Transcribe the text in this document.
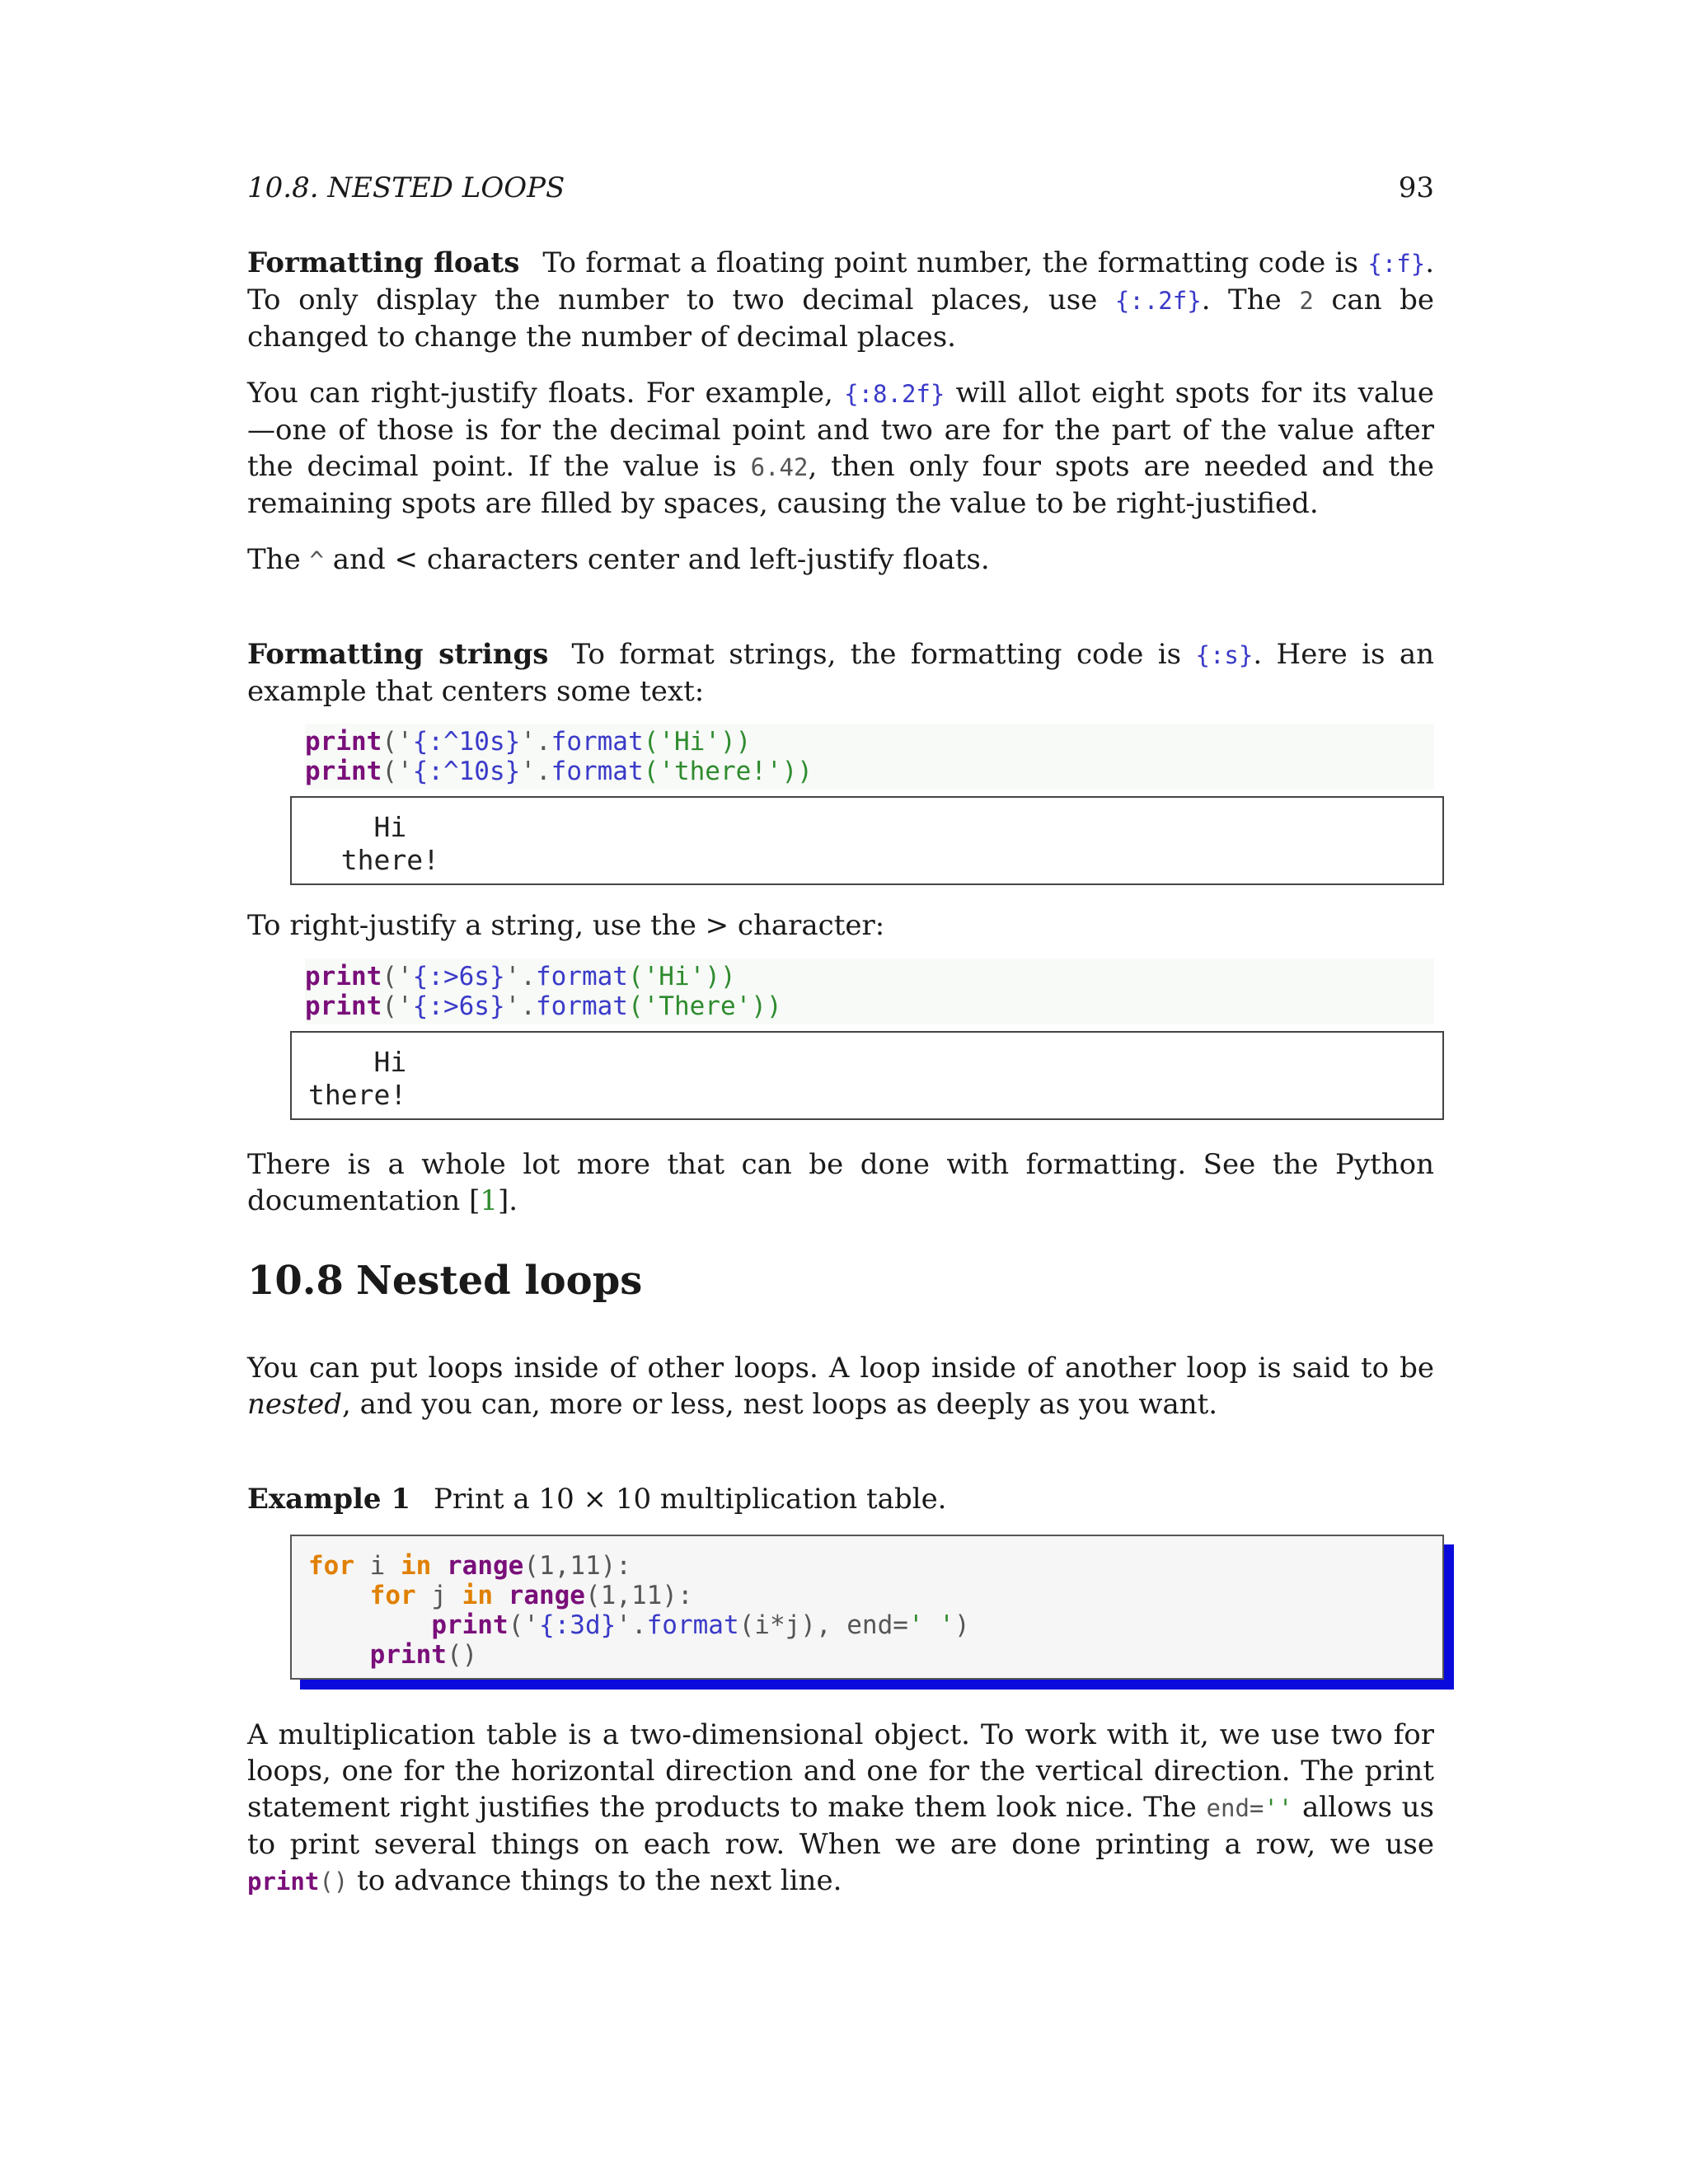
10.8. NESTED LOOPS	93

Formatting floats To format a floating point number, the formatting code is {:f}. To only display the number to two decimal places, use {:.2f}. The 2 can be changed to change the number of decimal places.

You can right-justify floats. For example, {:8.2f} will allot eight spots for its value—one of those is for the decimal point and two are for the part of the value after the decimal point. If the value is 6.42, then only four spots are needed and the remaining spots are filled by spaces, causing the value to be right-justified.

The ^ and < characters center and left-justify floats.

Formatting strings To format strings, the formatting code is {:s}. Here is an example that centers some text:

print('{:^10s}'.format('Hi'))
print('{:^10s}'.format('there!'))
Hi
there!

To right-justify a string, use the > character:

print('{:>6s}'.format('Hi'))
print('{:>6s}'.format('There'))
Hi
there!

There is a whole lot more that can be done with formatting. See the Python documentation [1].

10.8 Nested loops

You can put loops inside of other loops. A loop inside of another loop is said to be nested, and you can, more or less, nest loops as deeply as you want.

Example 1 Print a 10 × 10 multiplication table.

for i in range(1,11):
for j in range(1,11):
print('{:3d}'.format(i*j), end=' ')
print()

A multiplication table is a two-dimensional object. To work with it, we use two for loops, one for the horizontal direction and one for the vertical direction. The print statement right justifies the products to make them look nice. The end='' allows us to print several things on each row. When we are done printing a row, we use print() to advance things to the next line.
